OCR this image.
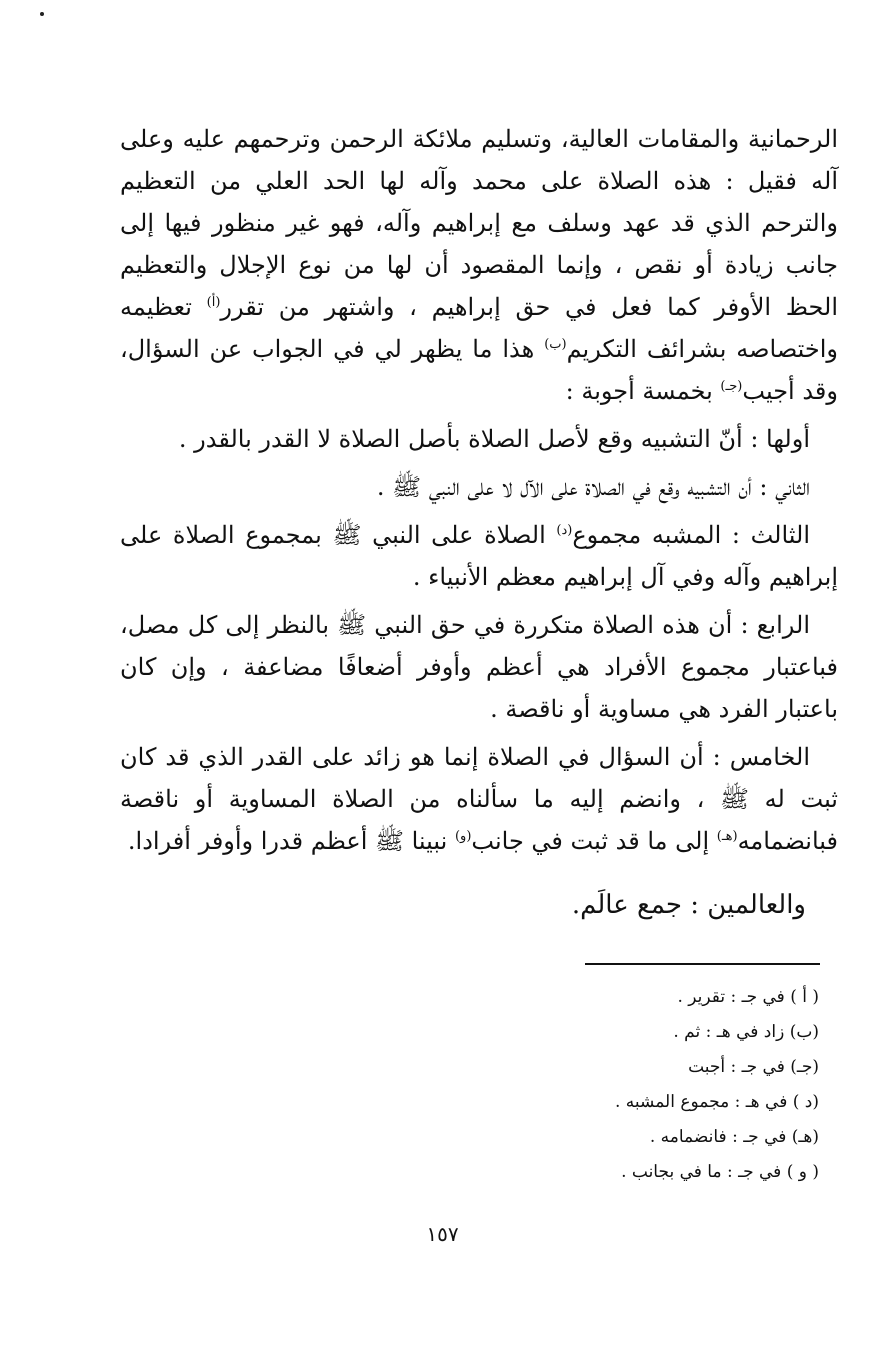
الرحمانية والمقامات العالية، وتسليم ملائكة الرحمن وترحمهم عليه وعلى آله فقيل : هذه الصلاة على محمد وآله لها الحد العلي من التعظيم والترحم الذي قد عهد وسلف مع إبراهيم وآله، فهو غير منظور فيها إلى جانب زيادة أو نقص ، وإنما المقصود أن لها من نوع الإجلال والتعظيم الحظ الأوفر كما فعل في حق إبراهيم ، واشتهر من تقرر$^{(أ)}$ تعظيمه واختصاصه بشرائف التكريم$^{(ب)}$ هذا ما يظهر لي في الجواب عن السؤال، وقد أجيب$^{(جـ)}$ بخمسة أجوبة :

أولها : أنّ التشبيه وقع لأصل الصلاة بأصل الصلاة لا القدر بالقدر .

الثاني : أن التشبيه وقع في الصلاة على الآل لا على النبي ﷺ .

الثالث : المشبه مجموع$^{(د)}$ الصلاة على النبي ﷺ بمجموع الصلاة على إبراهيم وآله وفي آل إبراهيم معظم الأنبياء .

الرابع : أن هذه الصلاة متكررة في حق النبي ﷺ بالنظر إلى كل مصل، فباعتبار مجموع الأفراد هي أعظم وأوفر أضعافًا مضاعفة ، وإن كان باعتبار الفرد هي مساوية أو ناقصة .

الخامس : أن السؤال في الصلاة إنما هو زائد على القدر الذي قد كان ثبت له ﷺ ، وانضم إليه ما سألناه من الصلاة المساوية أو ناقصة فبانضمامه$^{(هـ)}$ إلى ما قد ثبت في جانب$^{(و)}$ نبينا ﷺ أعظم قدرا وأوفر أفرادا.

والعالمين : جمع عالَم.

( أ ) في جـ : تقرير .

(ب) زاد في هـ : ثم .

(جـ) في جـ : أجبت

(د ) في هـ : مجموع المشبه .

(هـ) في جـ : فانضمامه .

( و ) في جـ : ما في بجانب .

١٥٧
